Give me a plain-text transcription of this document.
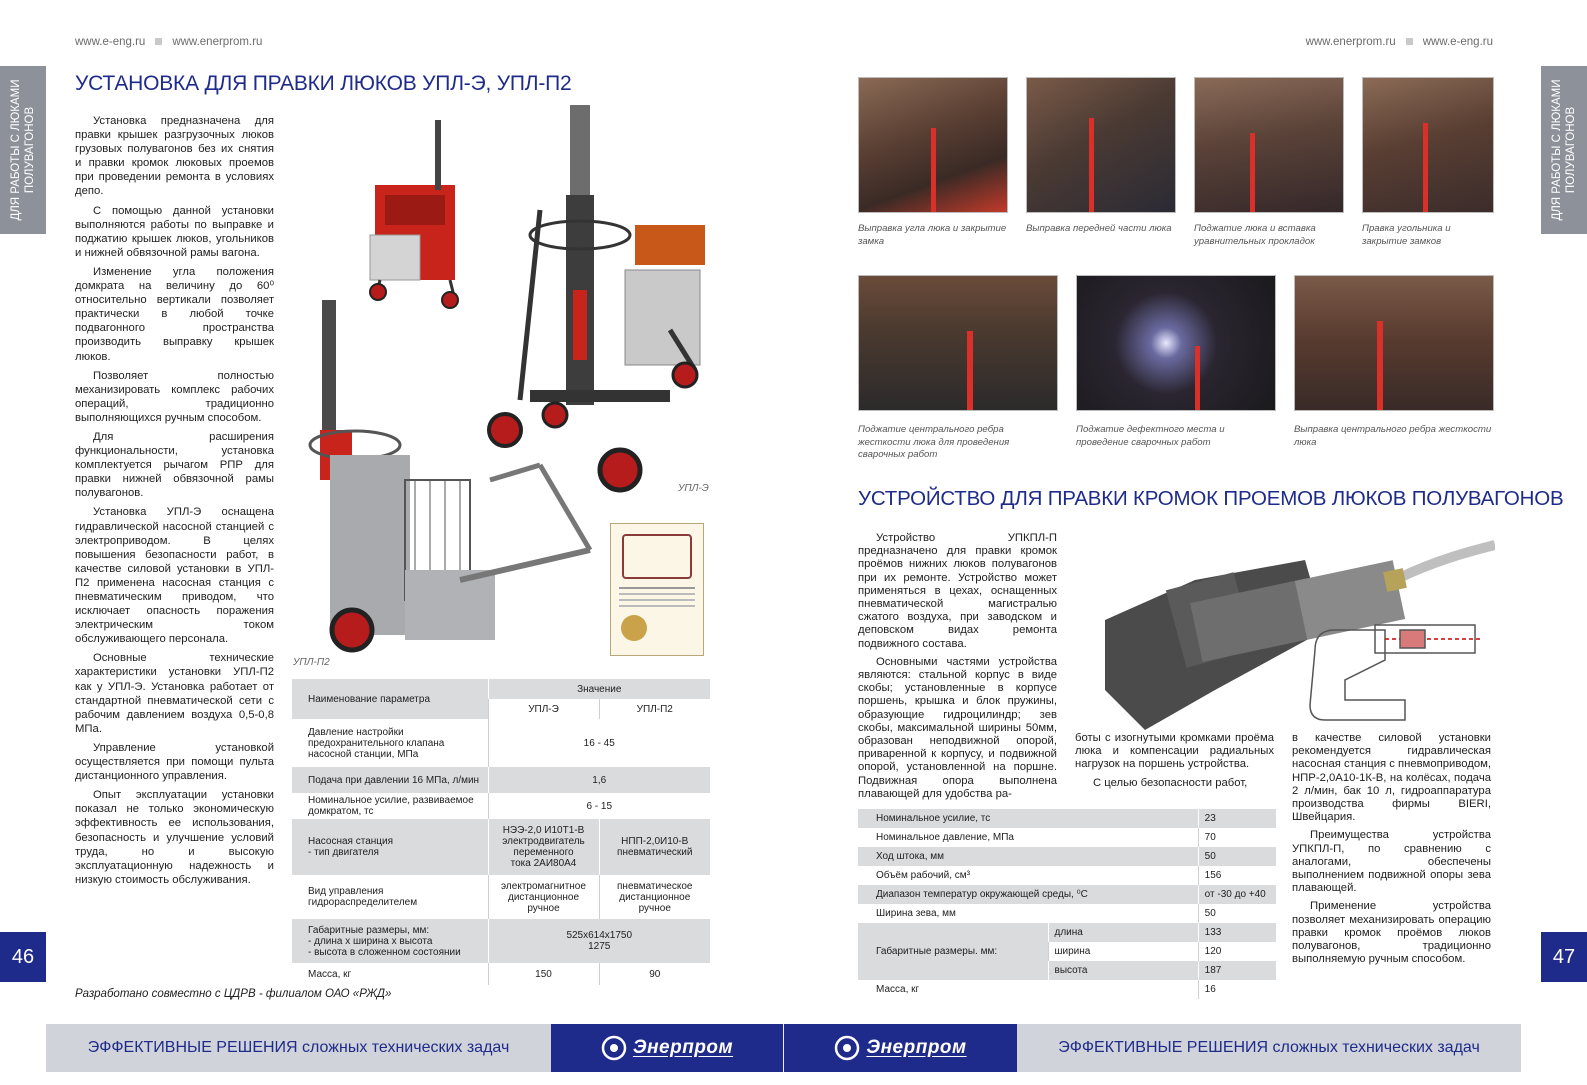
www.e-eng.ru www.enerprom.ru	www.enerprom.ru www.e-eng.ru
ДЛЯ РАБОТЫ С ЛЮКАМИ
ПОЛУВАГОНОВ
ДЛЯ РАБОТЫ С ЛЮКАМИ
ПОЛУВАГОНОВ
46	47
УСТАНОВКА ДЛЯ ПРАВКИ ЛЮКОВ УПЛ-Э, УПЛ-П2

Установка предназначена для правки крышек разгрузочных люков грузовых полувагонов без их снятия и правки кромок люковых проемов при проведении ремонта в условиях депо.

С помощью данной установки выполняются работы по выправке и поджатию крышек люков, угольников и нижней обвязочной рамы вагона.

Изменение угла положения домкрата на величину до 60⁰ относительно вертикали позволяет практически в любой точке подвагонного пространства производить выправку крышек люков.

Позволяет полностью механизировать комплекс рабочих операций, традиционно выполняющихся ручным способом.

Для расширения функциональности, установка комплектуется рычагом РПР для правки нижней обвязочной рамы полувагонов.

Установка УПЛ-Э оснащена гидравлической насосной станцией с электроприводом. В целях повышения безопасности работ, в качестве силовой установки в УПЛ-П2 применена насосная станция с пневматическим приводом, что исключает опасность поражения электрическим током обслуживающего персонала.

Основные технические характеристики установки УПЛ-П2 как у УПЛ-Э. Установка работает от стандартной пневматической сети с рабочим давлением воздуха 0,5-0,8 МПа.

Управление установкой осуществляется при помощи пульта дистанционного управления.

Опыт эксплуатации установки показал не только экономическую эффективность ее использования, безопасность и улучшение условий труда, но и высокую эксплуатационную надежность и низкую стоимость обслуживания.

УПЛ-Э
УПЛ-П2
Наименование параметра	Значение	
	УПЛ-Э	УПЛ-П2
Давление настройки предохранительного клапана насосной станции, МПа	16 - 45	
Подача при давлении 16 МПа, л/мин	1,6	
Номинальное усилие, развиваемое домкратом, тс	6 - 15	
Насосная станция
- тип двигателя	НЭЭ-2,0 И10Т1-В
электродвигатель
переменного
тока 2АИ80А4	НПП-2,0И10-В
пневматический
Вид управления
гидрораспределителем	электромагнитное
дистанционное
ручное	пневматическое
дистанционное
ручное
Габаритные размеры, мм:
- длина х ширина х высота
- высота в сложенном состоянии	525х614х1750
1275	
Масса, кг	150	90
Разработано совместно с ЦДРВ - филиалом ОАО «РЖД»
Выправка угла люка и закрытие замка
Выправка передней части люка	Поджатие люка и вставка уравнительных прокладок
Правка угольника и закрытие замков
Поджатие центрального ребра жесткости люка для проведения сварочных работ
Поджатие дефектного места и проведение сварочных работ
Выправка центрального ребра жесткости люка
УСТРОЙСТВО ДЛЯ ПРАВКИ КРОМОК ПРОЕМОВ ЛЮКОВ ПОЛУВАГОНОВ

Устройство УПКПЛ-П предназначено для правки кромок проёмов нижних люков полувагонов при их ремонте. Устройство может применяться в цехах, оснащенных пневматической магистралью сжатого воздуха, при заводском и деповском видах ремонта подвижного состава.

Основными частями устройства являются: стальной корпус в виде скобы; установленные в корпусе поршень, крышка и блок пружины, образующие гидроцилиндр; зев скобы, максимальной ширины 50мм, образован неподвижной опорой, приваренной к корпусу, и подвижной опорой, установленной на поршне. Подвижная опора выполнена плавающей для удобства ра-

боты с изогнутыми кромками проёма люка и компенсации радиальных нагрузок на поршень устройства.

С целью безопасности работ,

в качестве силовой установки рекомендуется гидравлическая насосная станция с пневмоприводом, НПР-2,0А10-1К-В, на колёсах, подача 2 л/мин, бак 10 л, гидроаппаратура производства фирмы BIERI, Швейцария.

Преимущества устройства УПКПЛ-П, по сравнению с аналогами, обеспечены выполнением подвижной опоры зева плавающей.

Применение устройства позволяет механизировать операцию правки кромок проёмов люков полувагонов, традиционно выполняемую ручным способом.

Номинальное усилие, тс		23
Номинальное давление, МПа		70
Ход штока, мм		50
Объём рабочий, см³		156
Диапазон температур окружающей среды, ⁰С		от -30 до +40
Ширина зева, мм		50
Габаритные размеры. мм:	длина	133
	ширина	120
	высота	187
Масса, кг		16
ЭФФЕКТИВНЫЕ РЕШЕНИЯ сложных технических задач	Энерпром	Энерпром	ЭФФЕКТИВНЫЕ РЕШЕНИЯ сложных технических задач
